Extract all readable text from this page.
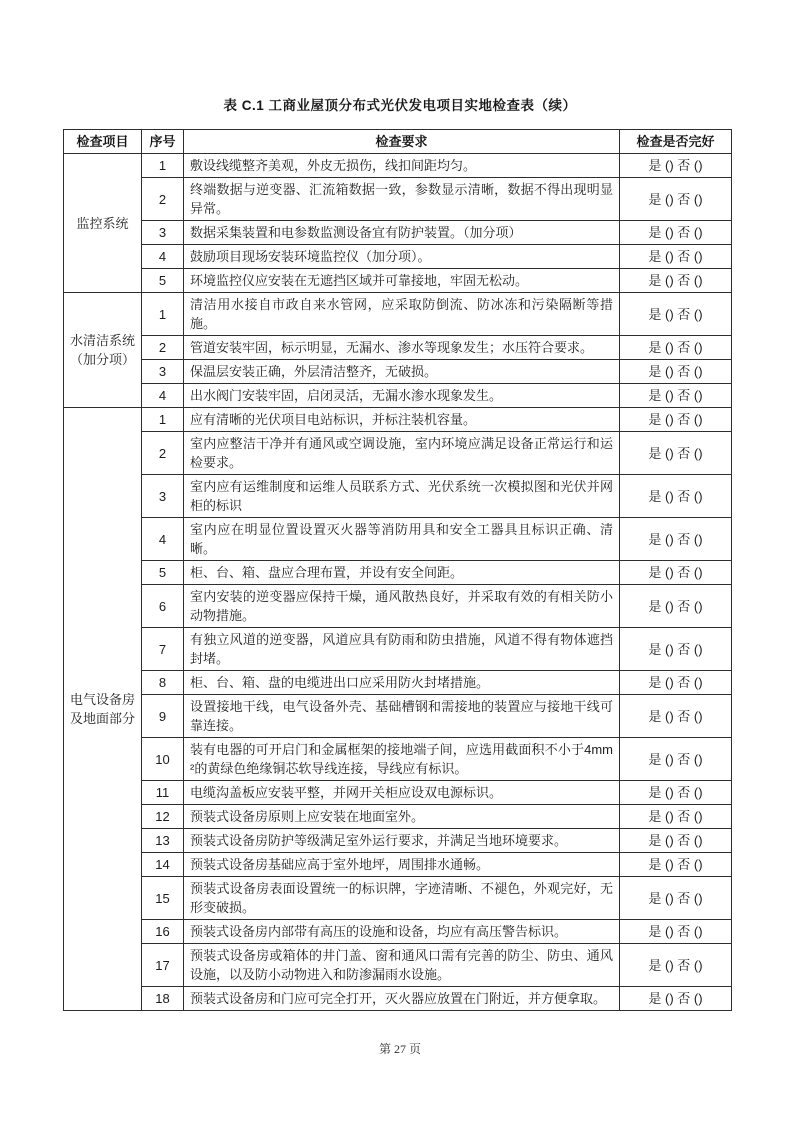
表 C.1 工商业屋顶分布式光伏发电项目实地检查表（续）
检查项目	序号	检查要求	检查是否完好
监控系统	1	敷设线缆整齐美观，外皮无损伤，线扣间距均匀。	是 () 否 ()
	2	终端数据与逆变器、汇流箱数据一致，参数显示清晰，数据不得出现明显异常。	是 () 否 ()
	3	数据采集装置和电参数监测设备宜有防护装置。（加分项）	是 () 否 ()
	4	鼓励项目现场安装环境监控仪（加分项）。	是 () 否 ()
	5	环境监控仪应安装在无遮挡区域并可靠接地，牢固无松动。	是 () 否 ()
水清洁系统（加分项）	1	清洁用水接自市政自来水管网，应采取防倒流、防冰冻和污染隔断等措施。	是 () 否 ()
	2	管道安装牢固，标示明显，无漏水、渗水等现象发生；水压符合要求。	是 () 否 ()
	3	保温层安装正确，外层清洁整齐，无破损。	是 () 否 ()
	4	出水阀门安装牢固，启闭灵活，无漏水渗水现象发生。	是 () 否 ()
电气设备房及地面部分	1	应有清晰的光伏项目电站标识，并标注装机容量。	是 () 否 ()
	2	室内应整洁干净并有通风或空调设施，室内环境应满足设备正常运行和运检要求。	是 () 否 ()
	3	室内应有运维制度和运维人员联系方式、光伏系统一次模拟图和光伏并网柜的标识	是 () 否 ()
	4	室内应在明显位置设置灭火器等消防用具和安全工器具且标识正确、清晰。	是 () 否 ()
	5	柜、台、箱、盘应合理布置，并设有安全间距。	是 () 否 ()
	6	室内安装的逆变器应保持干燥，通风散热良好，并采取有效的有相关防小动物措施。	是 () 否 ()
	7	有独立风道的逆变器，风道应具有防雨和防虫措施，风道不得有物体遮挡封堵。	是 () 否 ()
	8	柜、台、箱、盘的电缆进出口应采用防火封堵措施。	是 () 否 ()
	9	设置接地干线，电气设备外壳、基础槽钢和需接地的装置应与接地干线可靠连接。	是 () 否 ()
	10	装有电器的可开启门和金属框架的接地端子间，应选用截面积不小于4mm²的黄绿色绝缘铜芯软导线连接，导线应有标识。	是 () 否 ()
	11	电缆沟盖板应安装平整，并网开关柜应设双电源标识。	是 () 否 ()
	12	预装式设备房原则上应安装在地面室外。	是 () 否 ()
	13	预装式设备房防护等级满足室外运行要求，并满足当地环境要求。	是 () 否 ()
	14	预装式设备房基础应高于室外地坪，周围排水通畅。	是 () 否 ()
	15	预装式设备房表面设置统一的标识牌，字迹清晰、不褪色，外观完好，无形变破损。	是 () 否 ()
	16	预装式设备房内部带有高压的设施和设备，均应有高压警告标识。	是 () 否 ()
	17	预装式设备房或箱体的井门盖、窗和通风口需有完善的防尘、防虫、通风设施，以及防小动物进入和防渗漏雨水设施。	是 () 否 ()
	18	预装式设备房和门应可完全打开，灭火器应放置在门附近，并方便拿取。	是 () 否 ()
第 27 页
